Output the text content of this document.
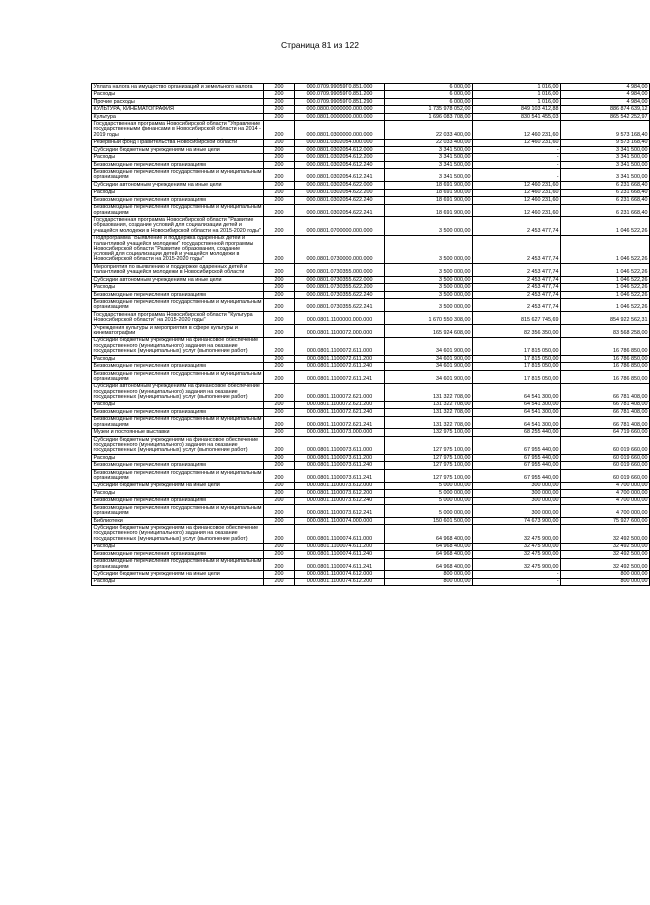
Страница 81 из 122
Уплата налога на имущество организаций и земельного налога	200	000.0709.99059Г0.851.000	6 000,00	1 016,00	4 984,00
Расходы	200	000.0709.99059Г0.851.200	6 000,00	1 016,00	4 984,00
Прочие расходы	200	000.0709.99059Г0.851.290	6 000,00	1 016,00	4 984,00
КУЛЬТУРА, КИНЕМАТОГРАФИЯ	200	000.0800.0000000.000.000	1 735 978 052,00	849 103 412,88	886 874 639,12
Культура	200	000.0801.0000000.000.000	1 696 083 708,00	830 541 455,03	865 542 252,97
Государственная программа Новосибирской области "Управление государственными финансами в Новосибирской области на 2014 - 2019 годы	200	000.0801.0300000.000.000	22 033 400,00	12 460 231,60	9 573 168,40
Резервный фонд Правительства Новосибирской области	200	000.0801.0302054.000.000	22 033 400,00	12 460 231,60	9 573 168,40
Субсидии бюджетным учреждениям на иные цели	200	000.0801.0302054.612.000	3 341 500,00	-	3 341 500,00
Расходы	200	000.0801.0302054.612.200	3 341 500,00	-	3 341 500,00
Безвозмездные перечисления организациям	200	000.0801.0302054.612.240	3 341 500,00	-	3 341 500,00
Безвозмездные перечисления государственным и муниципальным организациям	200	000.0801.0302054.612.241	3 341 500,00	-	3 341 500,00
Субсидии автономным учреждениям на иные цели	200	000.0801.0302054.622.000	18 691 900,00	12 460 231,60	6 231 668,40
Расходы	200	000.0801.0302054.622.200	18 691 900,00	12 460 231,60	6 231 668,40
Безвозмездные перечисления организациям	200	000.0801.0302054.622.240	18 691 900,00	12 460 231,60	6 231 668,40
Безвозмездные перечисления государственным и муниципальным организациям	200	000.0801.0302054.622.241	18 691 900,00	12 460 231,60	6 231 668,40
Государственная программа Новосибирской области "Развитие образования, создание условий для социализации детей и учащейся молодежи в Новосибирской области на 2015-2020 годы"	200	000.0801.0700000.000.000	3 500 000,00	2 453 477,74	1 046 522,26
Подпрограмма "Выявление и поддержка одаренных детей и талантливой учащейся молодежи" государственной программы Новосибирской области "Развитие образования, создание условий для социализации детей и учащейся молодежи в Новосибирской области на 2015-2020 годы"	200	000.0801.0730000.000.000	3 500 000,00	2 453 477,74	1 046 522,26
Мероприятия по выявлению и поддержке одаренных детей и талантливой учащейся молодежи в Новосибирской области	200	000.0801.0730355.000.000	3 500 000,00	2 453 477,74	1 046 522,26
Субсидии автономным учреждениям на иные цели	200	000.0801.0730355.622.000	3 500 000,00	2 453 477,74	1 046 522,26
Расходы	200	000.0801.0730355.622.200	3 500 000,00	2 453 477,74	1 046 522,26
Безвозмездные перечисления организациям	200	000.0801.0730355.622.240	3 500 000,00	2 453 477,74	1 046 522,26
Безвозмездные перечисления государственным и муниципальным организациям	200	000.0801.0730355.622.241	3 500 000,00	2 453 477,74	1 046 522,26
Государственная программа Новосибирской области "Культура Новосибирской области" на 2015-2020 годы"	200	000.0801.1100000.000.000	1 670 550 308,00	815 627 745,69	854 922 562,31
Учреждения культуры и мероприятия в сфере культуры и кинематографии	200	000.0801.1100072.000.000	165 924 608,00	82 356 350,00	83 568 258,00
Субсидии бюджетным учреждениям на финансовое обеспечение государственного (муниципального) задания на оказание государственных (муниципальных) услуг (выполнение работ)	200	000.0801.1100072.611.000	34 601 900,00	17 815 050,00	16 786 850,00
Расходы	200	000.0801.1100072.611.200	34 601 900,00	17 815 050,00	16 786 850,00
Безвозмездные перечисления организациям	200	000.0801.1100072.611.240	34 601 900,00	17 815 050,00	16 786 850,00
Безвозмездные перечисления государственным и муниципальным организациям	200	000.0801.1100072.611.241	34 601 900,00	17 815 050,00	16 786 850,00
Субсидии автономным учреждениям на финансовое обеспечение государственного (муниципального) задания на оказание государственных (муниципальных) услуг (выполнение работ)	200	000.0801.1100072.621.000	131 322 708,00	64 541 300,00	66 781 408,00
Расходы	200	000.0801.1100072.621.200	131 322 708,00	64 541 300,00	66 781 408,00
Безвозмездные перечисления организациям	200	000.0801.1100072.621.240	131 322 708,00	64 541 300,00	66 781 408,00
Безвозмездные перечисления государственным и муниципальным организациям	200	000.0801.1100072.621.241	131 322 708,00	64 541 300,00	66 781 408,00
Музеи и постоянные выставки	200	000.0801.1100073.000.000	132 975 100,00	68 255 440,00	64 719 660,00
Субсидии бюджетным учреждениям на финансовое обеспечение государственного (муниципального) задания на оказание государственных (муниципальных) услуг (выполнение работ)	200	000.0801.1100073.611.000	127 975 100,00	67 955 440,00	60 019 660,00
Расходы	200	000.0801.1100073.611.200	127 975 100,00	67 955 440,00	60 019 660,00
Безвозмездные перечисления организациям	200	000.0801.1100073.611.240	127 975 100,00	67 955 440,00	60 019 660,00
Безвозмездные перечисления государственным и муниципальным организациям	200	000.0801.1100073.611.241	127 975 100,00	67 955 440,00	60 019 660,00
Субсидии бюджетным учреждениям на иные цели	200	000.0801.1100073.612.000	5 000 000,00	300 000,00	4 700 000,00
Расходы	200	000.0801.1100073.612.200	5 000 000,00	300 000,00	4 700 000,00
Безвозмездные перечисления организациям	200	000.0801.1100073.612.240	5 000 000,00	300 000,00	4 700 000,00
Безвозмездные перечисления государственным и муниципальным организациям	200	000.0801.1100073.612.241	5 000 000,00	300 000,00	4 700 000,00
Библиотеки	200	000.0801.1100074.000.000	150 601 500,00	74 673 900,00	75 927 600,00
Субсидии бюджетным учреждениям на финансовое обеспечение государственного (муниципального) задания на оказание государственных (муниципальных) услуг (выполнение работ)	200	000.0801.1100074.611.000	64 968 400,00	32 475 900,00	32 492 500,00
Расходы	200	000.0801.1100074.611.200	64 968 400,00	32 475 900,00	32 492 500,00
Безвозмездные перечисления организациям	200	000.0801.1100074.611.240	64 968 400,00	32 475 900,00	32 492 500,00
Безвозмездные перечисления государственным и муниципальным организациям	200	000.0801.1100074.611.241	64 968 400,00	32 475 900,00	32 492 500,00
Субсидии бюджетным учреждениям на иные цели	200	000.0801.1100074.612.000	800 000,00	-	800 000,00
Расходы	200	000.0801.1100074.612.200	800 000,00	-	800 000,00
